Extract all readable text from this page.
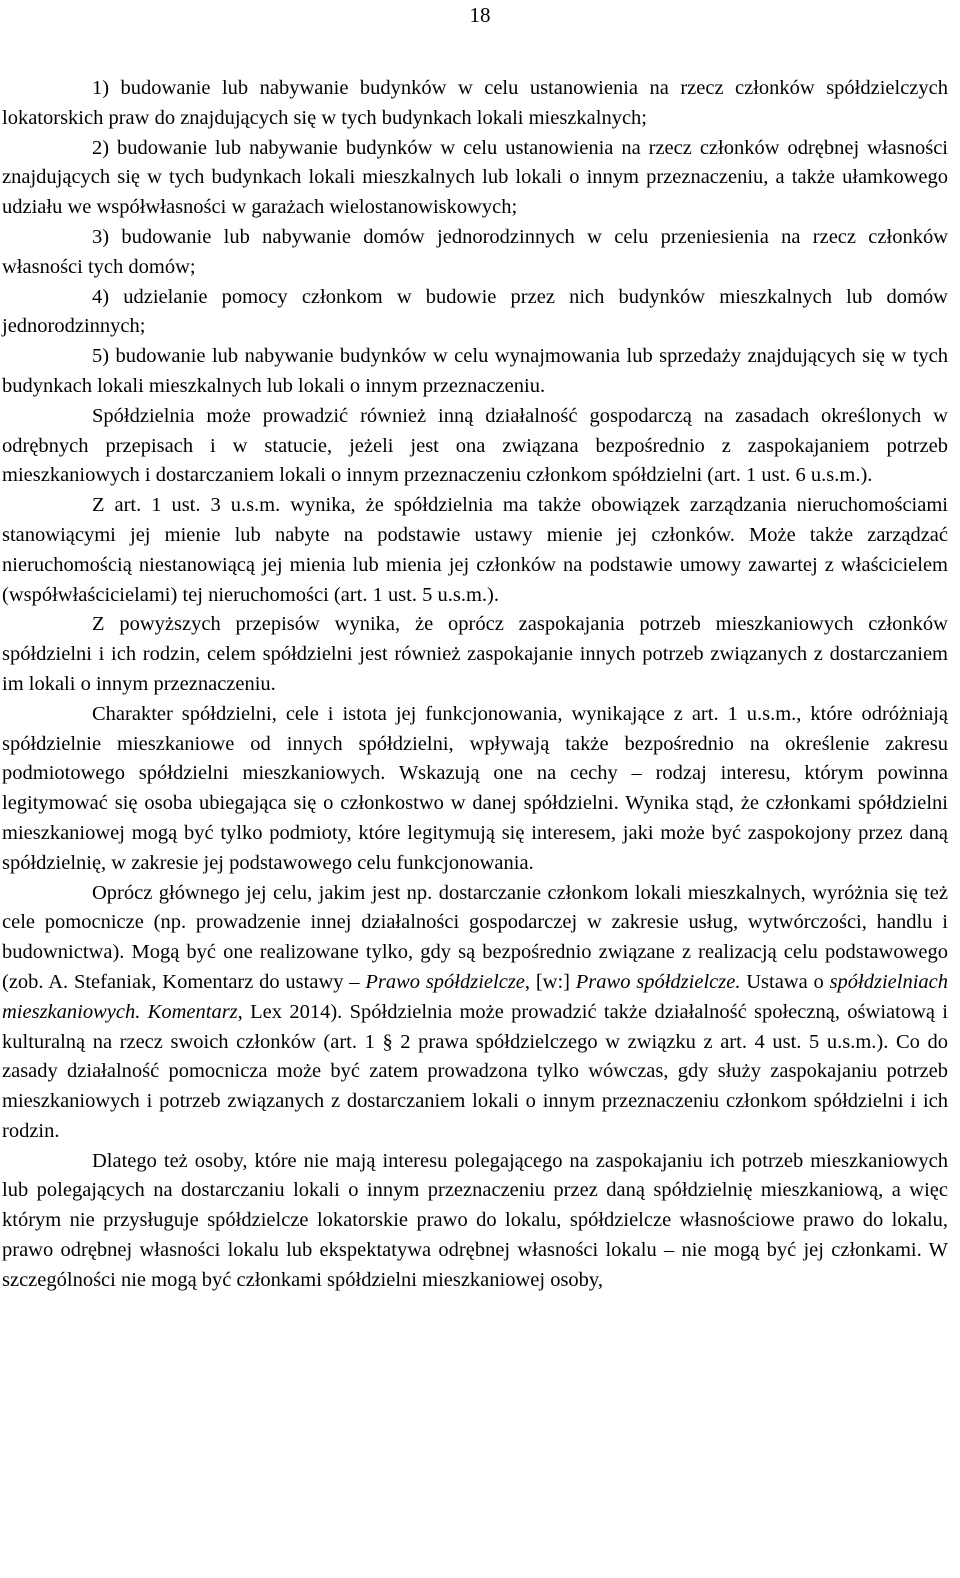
18

1) budowanie lub nabywanie budynków w celu ustanowienia na rzecz członków spółdzielczych lokatorskich praw do znajdujących się w tych budynkach lokali mieszkalnych;

2) budowanie lub nabywanie budynków w celu ustanowienia na rzecz członków odrębnej własności znajdujących się w tych budynkach lokali mieszkalnych lub lokali o innym przeznaczeniu, a także ułamkowego udziału we współwłasności w garażach wielostanowiskowych;

3) budowanie lub nabywanie domów jednorodzinnych w celu przeniesienia na rzecz członków własności tych domów;

4) udzielanie pomocy członkom w budowie przez nich budynków mieszkalnych lub domów jednorodzinnych;

5) budowanie lub nabywanie budynków w celu wynajmowania lub sprzedaży znajdujących się w tych budynkach lokali mieszkalnych lub lokali o innym przeznaczeniu.

Spółdzielnia może prowadzić również inną działalność gospodarczą na zasadach określonych w odrębnych przepisach i w statucie, jeżeli jest ona związana bezpośrednio z zaspokajaniem potrzeb mieszkaniowych i dostarczaniem lokali o innym przeznaczeniu członkom spółdzielni (art. 1 ust. 6 u.s.m.).

Z art. 1 ust. 3 u.s.m. wynika, że spółdzielnia ma także obowiązek zarządzania nieruchomościami stanowiącymi jej mienie lub nabyte na podstawie ustawy mienie jej członków. Może także zarządzać nieruchomością niestanowiącą jej mienia lub mienia jej członków na podstawie umowy zawartej z właścicielem (współwłaścicielami) tej nieruchomości (art. 1 ust. 5 u.s.m.).

Z powyższych przepisów wynika, że oprócz zaspokajania potrzeb mieszkaniowych członków spółdzielni i ich rodzin, celem spółdzielni jest również zaspokajanie innych potrzeb związanych z dostarczaniem im lokali o innym przeznaczeniu.

Charakter spółdzielni, cele i istota jej funkcjonowania, wynikające z art. 1 u.s.m., które odróżniają spółdzielnie mieszkaniowe od innych spółdzielni, wpływają także bezpośrednio na określenie zakresu podmiotowego spółdzielni mieszkaniowych. Wskazują one na cechy – rodzaj interesu, którym powinna legitymować się osoba ubiegająca się o członkostwo w danej spółdzielni. Wynika stąd, że członkami spółdzielni mieszkaniowej mogą być tylko podmioty, które legitymują się interesem, jaki może być zaspokojony przez daną spółdzielnię, w zakresie jej podstawowego celu funkcjonowania.

Oprócz głównego jej celu, jakim jest np. dostarczanie członkom lokali mieszkalnych, wyróżnia się też cele pomocnicze (np. prowadzenie innej działalności gospodarczej w zakresie usług, wytwórczości, handlu i budownictwa). Mogą być one realizowane tylko, gdy są bezpośrednio związane z realizacją celu podstawowego (zob. A. Stefaniak, Komentarz do ustawy – Prawo spółdzielcze, [w:] Prawo spółdzielcze. Ustawa o spółdzielniach mieszkaniowych. Komentarz, Lex 2014). Spółdzielnia może prowadzić także działalność społeczną, oświatową i kulturalną na rzecz swoich członków (art. 1 § 2 prawa spółdzielczego w związku z art. 4 ust. 5 u.s.m.). Co do zasady działalność pomocnicza może być zatem prowadzona tylko wówczas, gdy służy zaspokajaniu potrzeb mieszkaniowych i potrzeb związanych z dostarczaniem lokali o innym przeznaczeniu członkom spółdzielni i ich rodzin.

Dlatego też osoby, które nie mają interesu polegającego na zaspokajaniu ich potrzeb mieszkaniowych lub polegających na dostarczaniu lokali o innym przeznaczeniu przez daną spółdzielnię mieszkaniową, a więc którym nie przysługuje spółdzielcze lokatorskie prawo do lokalu, spółdzielcze własnościowe prawo do lokalu, prawo odrębnej własności lokalu lub ekspektatywa odrębnej własności lokalu – nie mogą być jej członkami. W szczególności nie mogą być członkami spółdzielni mieszkaniowej osoby,
